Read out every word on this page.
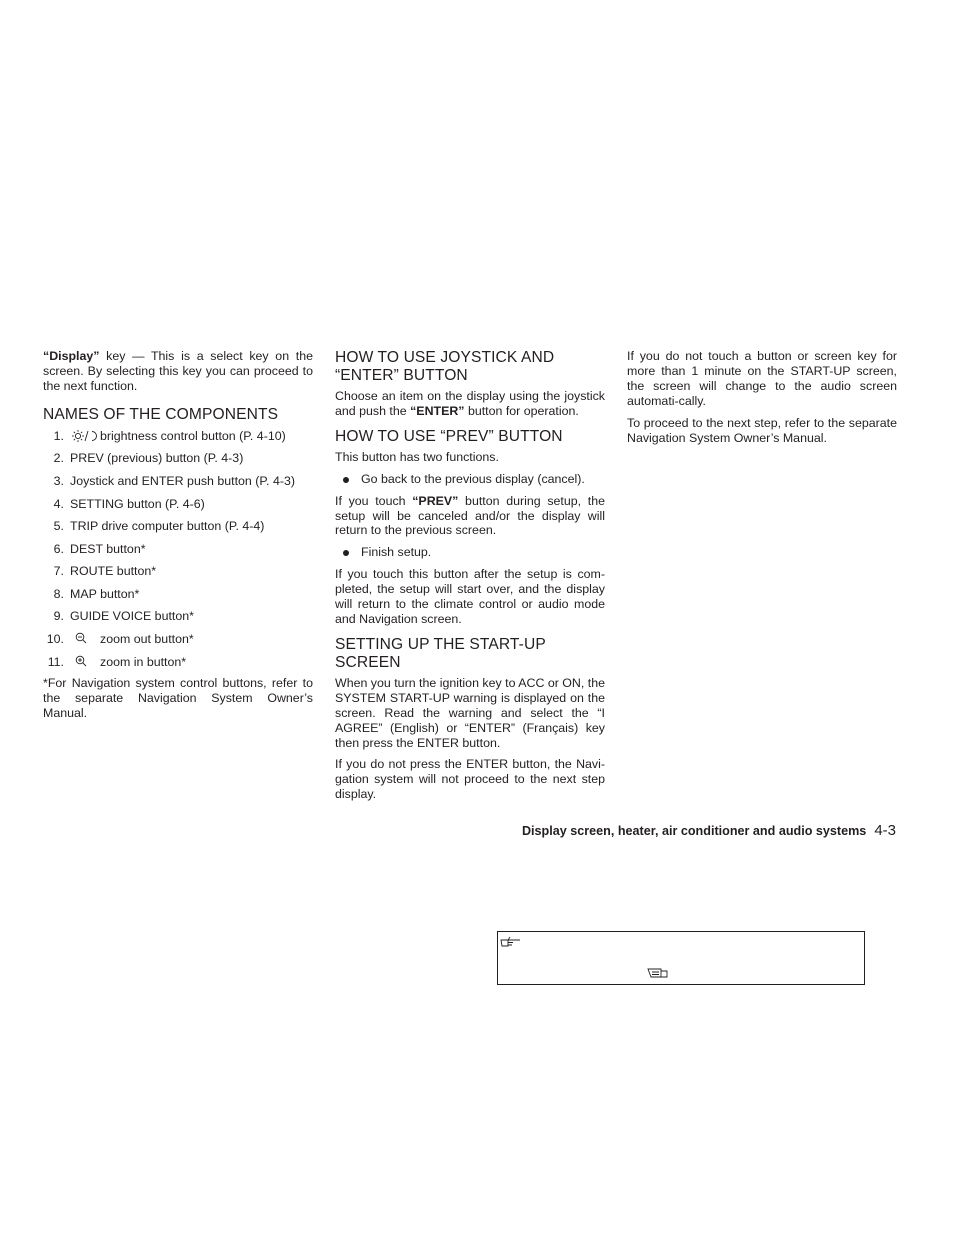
“Display” key — This is a select key on the screen. By selecting this key you can proceed to the next function.

NAMES OF THE COMPONENTS
1.	brightness control button (P. 4-10)
2. PREV (previous) button (P. 4-3)
3. Joystick and ENTER push button (P. 4-3)
4. SETTING button (P. 4-6)
5. TRIP drive computer button (P. 4-4)
6. DEST button*
7. ROUTE button*
8. MAP button*
9. GUIDE VOICE button*
10.	zoom out button*
11.	zoom in button*

*For Navigation system control buttons, refer to the separate Navigation System Owner’s Manual.

HOW TO USE JOYSTICK AND “ENTER” BUTTON

Choose an item on the display using the joystick and push the “ENTER” button for operation.

HOW TO USE “PREV” BUTTON

This button has two functions.

Go back to the previous display (cancel).

If you touch “PREV” button during setup, the setup will be canceled and/or the display will return to the previous screen.

Finish setup.

If you touch this button after the setup is com-pleted, the setup will start over, and the display will return to the climate control or audio mode and Navigation screen.

SETTING UP THE START-UP SCREEN

When you turn the ignition key to ACC or ON, the SYSTEM START-UP warning is displayed on the screen. Read the warning and select the “I AGREE” (English) or “ENTER” (Français) key then press the ENTER button.

If you do not press the ENTER button, the Navi-gation system will not proceed to the next step display.

If you do not touch a button or screen key for more than 1 minute on the START-UP screen, the screen will change to the audio screen automati-cally.

To proceed to the next step, refer to the separate Navigation System Owner’s Manual.

Display screen, heater, air conditioner and audio systems 4-3
